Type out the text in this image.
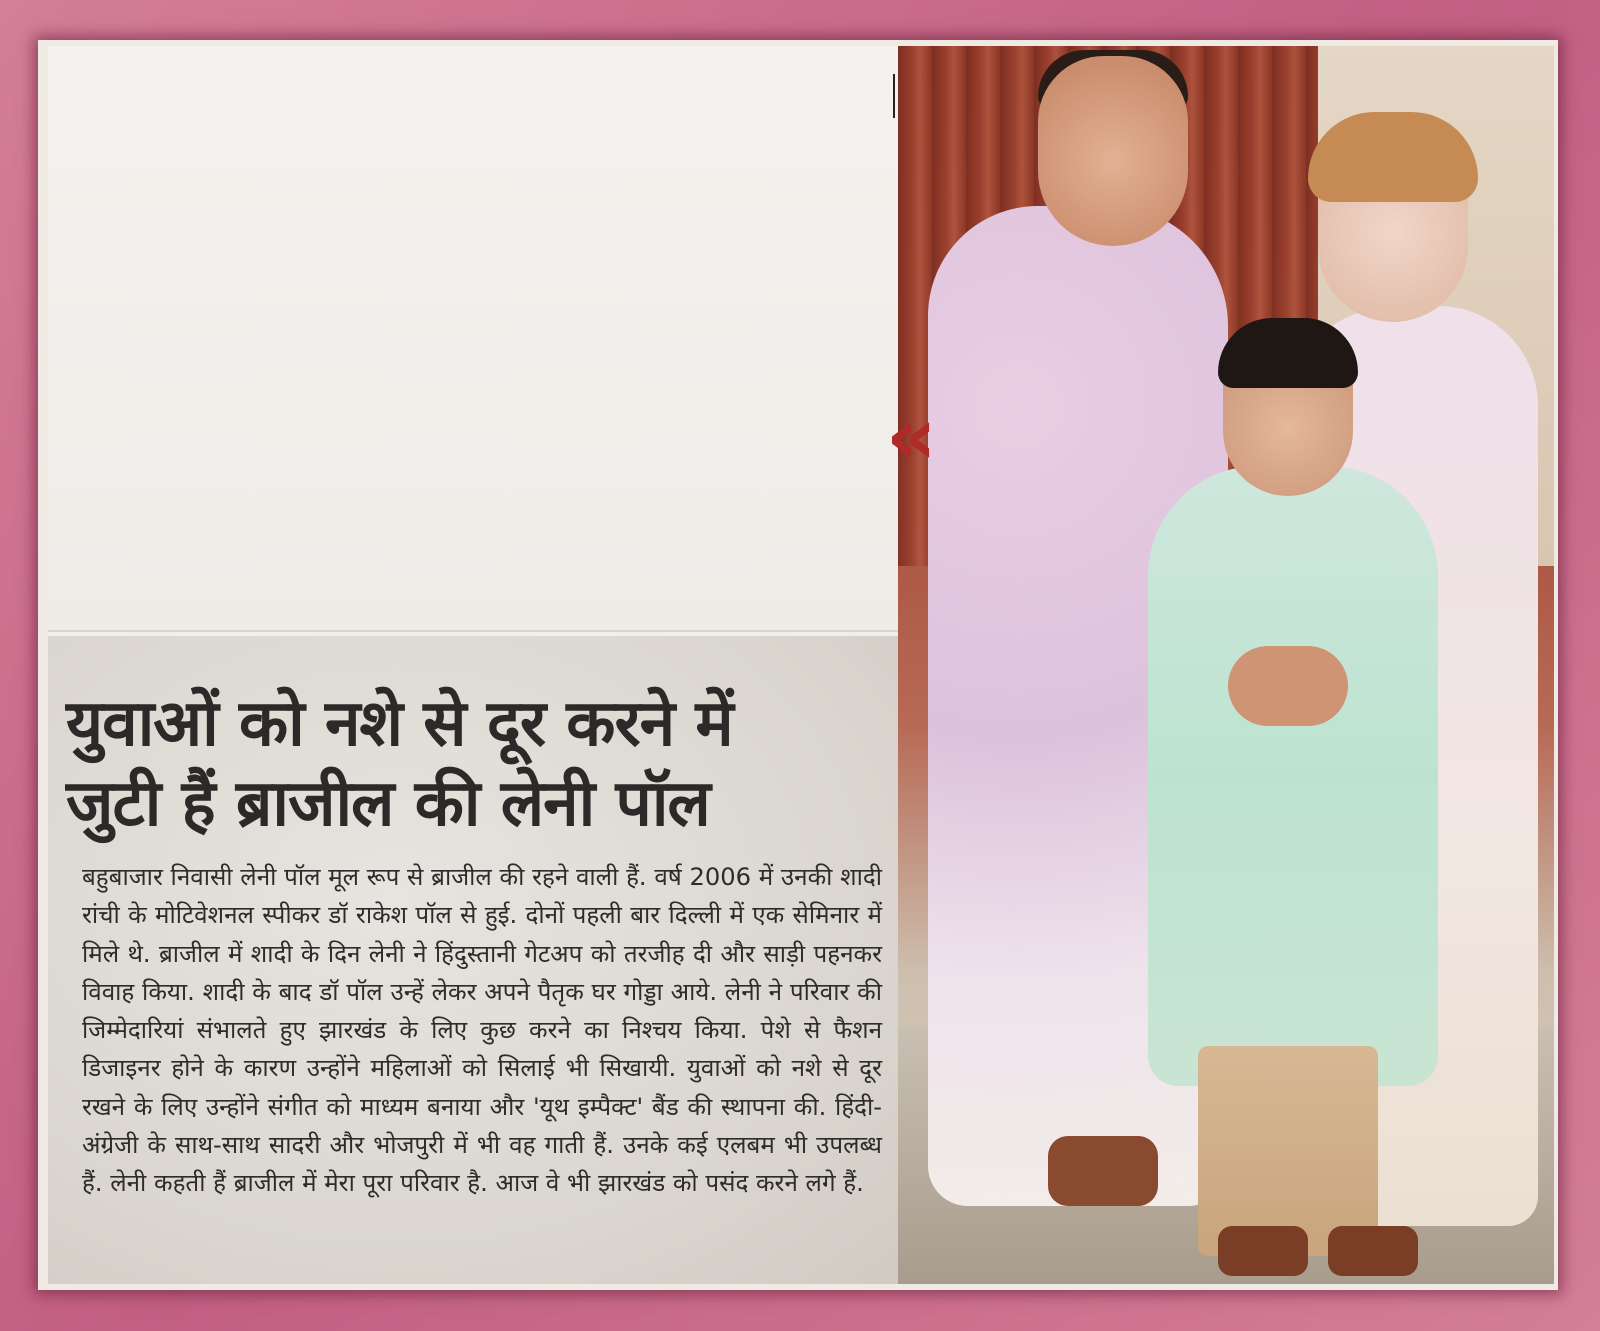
युवाओं को नशे से दूर करने में
जुटी हैं ब्राजील की लेनी पॉल
बहुबाजार निवासी लेनी पॉल मूल रूप से ब्राजील की रहने वाली हैं. वर्ष 2006 में उनकी शादी रांची के मोटिवेशनल स्पीकर डॉ राकेश पॉल से हुई. दोनों पहली बार दिल्ली में एक सेमिनार में मिले थे. ब्राजील में शादी के दिन लेनी ने हिंदुस्तानी गेटअप को तरजीह दी और साड़ी पहनकर विवाह किया. शादी के बाद डॉ पॉल उन्हें लेकर अपने पैतृक घर गोड्डा आये. लेनी ने परिवार की जिम्मेदारियां संभालते हुए झारखंड के लिए कुछ करने का निश्चय किया. पेशे से फैशन डिजाइनर होने के कारण उन्होंने महिलाओं को सिलाई भी सिखायी. युवाओं को नशे से दूर रखने के लिए उन्होंने संगीत को माध्यम बनाया और 'यूथ इम्पैक्ट' बैंड की स्थापना की. हिंदी-अंग्रेजी के साथ-साथ सादरी और भोजपुरी में भी वह गाती हैं. उनके कई एलबम भी उपलब्ध हैं. लेनी कहती हैं ब्राजील में मेरा पूरा परिवार है. आज वे भी झारखंड को पसंद करने लगे हैं.
«
